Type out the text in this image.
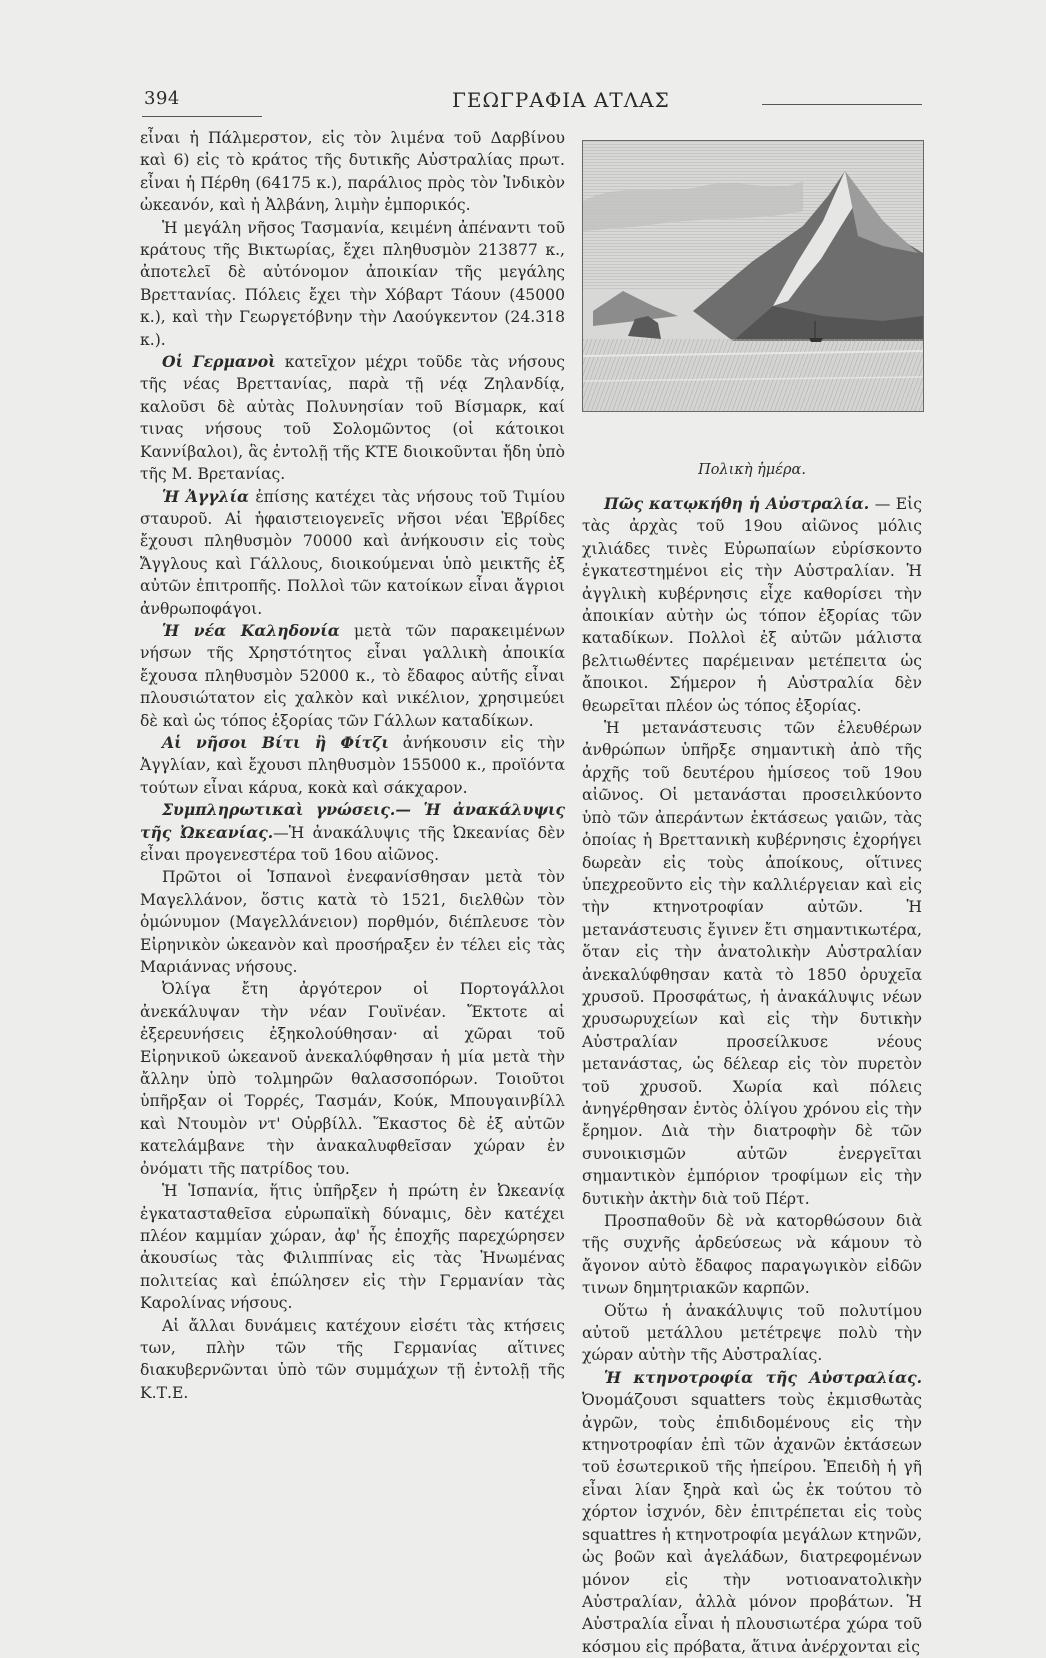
394	ΓΕΩΓΡΑΦΙΑ ΑΤΛΑΣ

εἶναι ἡ Πάλμερστον, εἰς τὸν λιμένα τοῦ Δαρβίνου καὶ 6) εἰς τὸ κράτος τῆς δυτικῆς Αὐστραλίας πρωτ. εἶναι ἡ Πέρθη (64175 κ.), παράλιος πρὸς τὸν Ἰνδικὸν ὠκεανόν, καὶ ἡ Ἀλβάνη, λιμὴν ἐμπορικός.

Ἡ μεγάλη νῆσος Τασμανία, κειμένη ἀπέναντι τοῦ κράτους τῆς Βικτωρίας, ἔχει πληθυσμὸν 213877 κ., ἀποτελεῖ δὲ αὐτόνομον ἀποικίαν τῆς μεγάλης Βρεττανίας. Πόλεις ἔχει τὴν Χόβαρτ Τάουν (45000 κ.), καὶ τὴν Γεωργετόβνην τὴν Λαούγκεντον (24.318 κ.).

Οἱ Γερμανοὶ κατεῖχον μέχρι τοῦδε τὰς νήσους τῆς νέας Βρεττανίας, παρὰ τῇ νέᾳ Ζηλανδίᾳ, καλοῦσι δὲ αὐτὰς Πολυνησίαν τοῦ Βίσμαρκ, καί τινας νήσους τοῦ Σολομῶντος (οἱ κάτοικοι Καννίβαλοι), ἃς ἐντολῇ τῆς ΚΤΕ διοικοῦνται ἤδη ὑπὸ τῆς Μ. Βρετανίας.

Ἡ Ἀγγλία ἐπίσης κατέχει τὰς νήσους τοῦ Τιμίου σταυροῦ. Αἱ ἡφαιστειογενεῖς νῆσοι νέαι Ἑβρίδες ἔχουσι πληθυσμὸν 70000 καὶ ἀνήκουσιν εἰς τοὺς Ἄγγλους καὶ Γάλλους, διοικούμεναι ὑπὸ μεικτῆς ἐξ αὐτῶν ἐπιτροπῆς. Πολλοὶ τῶν κατοίκων εἶναι ἄγριοι ἀνθρωποφάγοι.

Ἡ νέα Καληδονία μετὰ τῶν παρακειμένων νήσων τῆς Χρηστότητος εἶναι γαλλικὴ ἀποικία ἔχουσα πληθυσμὸν 52000 κ., τὸ ἔδαφος αὐτῆς εἶναι πλουσιώτατον εἰς χαλκὸν καὶ νικέλιον, χρησιμεύει δὲ καὶ ὡς τόπος ἐξορίας τῶν Γάλλων καταδίκων.

Αἱ νῆσοι Βίτι ἢ Φίτζι ἀνήκουσιν εἰς τὴν Ἀγγλίαν, καὶ ἔχουσι πληθυσμὸν 155000 κ., προϊόντα τούτων εἶναι κάρυα, κοκὰ καὶ σάκχαρον.

Συμπληρωτικαὶ γνώσεις.— Ἡ ἀνακάλυψις τῆς Ὠκεανίας.—Ἡ ἀνακάλυψις τῆς Ὠκεανίας δὲν εἶναι προγενεστέρα τοῦ 16ου αἰῶνος.

Πρῶτοι οἱ Ἱσπανοὶ ἐνεφανίσθησαν μετὰ τὸν Μαγελλάνον, ὅστις κατὰ τὸ 1521, διελθὼν τὸν ὁμώνυμον (Μαγελλάνειον) πορθμόν, διέπλευσε τὸν Εἰρηνικὸν ὠκεανὸν καὶ προσήραξεν ἐν τέλει εἰς τὰς Μαριάννας νήσους.

Ὀλίγα ἔτη ἀργότερον οἱ Πορτογάλλοι ἀνεκάλυψαν τὴν νέαν Γουϊνέαν. Ἔκτοτε αἱ ἐξερευνήσεις ἐξηκολούθησαν· αἱ χῶραι τοῦ Εἰρηνικοῦ ὠκεανοῦ ἀνεκαλύφθησαν ἡ μία μετὰ τὴν ἄλλην ὑπὸ τολμηρῶν θαλασσοπόρων. Τοιοῦτοι ὑπῆρξαν οἱ Τορρές, Τασμάν, Κούκ, Μπουγαινβίλλ καὶ Ντουμὸν ντ' Οὐρβίλλ. Ἕκαστος δὲ ἐξ αὐτῶν κατελάμβανε τὴν ἀνακαλυφθεῖσαν χώραν ἐν ὀνόματι τῆς πατρίδος του.

Ἡ Ἱσπανία, ἥτις ὑπῆρξεν ἡ πρώτη ἐν Ὠκεανίᾳ ἐγκατασταθεῖσα εὐρωπαϊκὴ δύναμις, δὲν κατέχει πλέον καμμίαν χώραν, ἀφ' ἧς ἐποχῆς παρεχώρησεν ἀκουσίως τὰς Φιλιππίνας εἰς τὰς Ἡνωμένας πολιτείας καὶ ἐπώλησεν εἰς τὴν Γερμανίαν τὰς Καρολίνας νήσους.

Αἱ ἄλλαι δυνάμεις κατέχουν εἰσέτι τὰς κτήσεις των, πλὴν τῶν τῆς Γερμανίας αἵτινες διακυβερνῶνται ὑπὸ τῶν συμμάχων τῇ ἐντολῇ τῆς Κ.Τ.Ε.

Πολικὴ ἡμέρα.

Πῶς κατῳκήθη ἡ Αὐστραλία. — Εἰς τὰς ἀρχὰς τοῦ 19ου αἰῶνος μόλις χιλιάδες τινὲς Εὐρωπαίων εὑρίσκοντο ἐγκατεστημένοι εἰς τὴν Αὐστραλίαν. Ἡ ἀγγλικὴ κυβέρνησις εἶχε καθορίσει τὴν ἀποικίαν αὐτὴν ὡς τόπον ἐξορίας τῶν καταδίκων. Πολλοὶ ἐξ αὐτῶν μάλιστα βελτιωθέντες παρέμειναν μετέπειτα ὡς ἄποικοι. Σήμερον ἡ Αὐστραλία δὲν θεωρεῖται πλέον ὡς τόπος ἐξορίας.

Ἡ μετανάστευσις τῶν ἐλευθέρων ἀνθρώπων ὑπῆρξε σημαντικὴ ἀπὸ τῆς ἀρχῆς τοῦ δευτέρου ἡμίσεος τοῦ 19ου αἰῶνος. Οἱ μετανάσται προσειλκύοντο ὑπὸ τῶν ἀπεράντων ἐκτάσεως γαιῶν, τὰς ὁποίας ἡ Βρεττανικὴ κυβέρνησις ἐχορήγει δωρεὰν εἰς τοὺς ἀποίκους, οἵτινες ὑπεχρεοῦντο εἰς τὴν καλλιέργειαν καὶ εἰς τὴν κτηνοτροφίαν αὐτῶν. Ἡ μετανάστευσις ἔγινεν ἔτι σημαντικωτέρα, ὅταν εἰς τὴν ἀνατολικὴν Αὐστραλίαν ἀνεκαλύφθησαν κατὰ τὸ 1850 ὀρυχεῖα χρυσοῦ. Προσφάτως, ἡ ἀνακάλυψις νέων χρυσωρυχείων καὶ εἰς τὴν δυτικὴν Αὐστραλίαν προσείλκυσε νέους μετανάστας, ὡς δέλεαρ εἰς τὸν πυρετὸν τοῦ χρυσοῦ. Χωρία καὶ πόλεις ἀνηγέρθησαν ἐντὸς ὀλίγου χρόνου εἰς τὴν ἔρημον. Διὰ τὴν διατροφὴν δὲ τῶν συνοικισμῶν αὐτῶν ἐνεργεῖται σημαντικὸν ἐμπόριον τροφίμων εἰς τὴν δυτικὴν ἀκτὴν διὰ τοῦ Πέρτ.

Προσπαθοῦν δὲ νὰ κατορθώσουν διὰ τῆς συχνῆς ἀρδεύσεως νὰ κάμουν τὸ ἄγονον αὐτὸ ἔδαφος παραγωγικὸν εἰδῶν τινων δημητριακῶν καρπῶν.

Οὕτω ἡ ἀνακάλυψις τοῦ πολυτίμου αὐτοῦ μετάλλου μετέτρεψε πολὺ τὴν χώραν αὐτὴν τῆς Αὐστραλίας.

Ἡ κτηνοτροφία τῆς Αὐστραλίας. Ὀνομάζουσι squatters τοὺς ἐκμισθωτὰς ἀγρῶν, τοὺς ἐπιδιδομένους εἰς τὴν κτηνοτροφίαν ἐπὶ τῶν ἀχανῶν ἐκτάσεων τοῦ ἐσωτερικοῦ τῆς ἠπείρου. Ἐπειδὴ ἡ γῆ εἶναι λίαν ξηρὰ καὶ ὡς ἐκ τούτου τὸ χόρτον ἰσχνόν, δὲν ἐπιτρέπεται εἰς τοὺς squattres ἡ κτηνοτροφία μεγάλων κτηνῶν, ὡς βοῶν καὶ ἀγελάδων, διατρεφομένων μόνον εἰς τὴν νοτιοανατολικὴν Αὐστραλίαν, ἀλλὰ μόνον προβάτων. Ἡ Αὐστραλία εἶναι ἡ πλουσιωτέρα χώρα τοῦ κόσμου εἰς πρόβατα, ἅτινα ἀνέρχονται εἰς
